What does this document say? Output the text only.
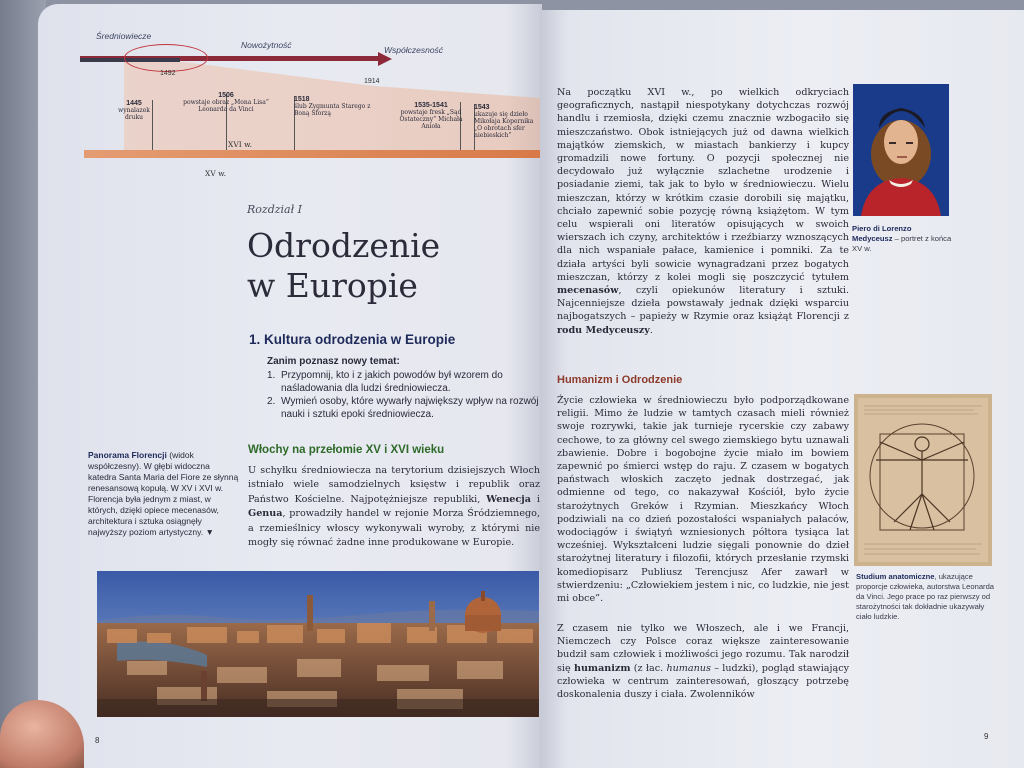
Średniowiecze
Nowożytność	Współczesność
1492
1914
1445
wynalazek druku
1506
powstaje obraz „Mona Lisa” Leonarda da Vinci
1518
ślub Zygmunta Starego z Boną Sforzą
1535-1541
powstaje fresk „Sąd Ostateczny” Michała Anioła
1543
ukazuje się dzieło Mikołaja Kopernika „O obrotach sfer niebieskich”
XVI w.
XV w.
Rozdział I
Odrodzenie
w Europie
1. Kultura odrodzenia w Europie
Zanim poznasz nowy temat:
1. Przypomnij, kto i z jakich powodów był wzorem do naśladowania dla ludzi średniowiecza.
2. Wymień osoby, które wywarły największy wpływ na rozwój nauki i sztuki epoki średniowiecza.
Włochy na przełomie XV i XVI wieku
Panorama Florencji (widok współczesny). W głębi widoczna katedra Santa Maria del Fiore ze słynną renesansową kopułą. W XV i XVI w. Florencja była jednym z miast, w których, dzięki opiece mecenasów, architektura i sztuka osiągnęły najwyższy poziom artystyczny. ▼
U schyłku średniowiecza na terytorium dzisiejszych Włoch istniało wiele samodzielnych księstw i republik oraz Państwo Kościelne. Najpotężniejsze republiki, Wenecja i Genua, prowadziły handel w rejonie Morza Śródziemnego, a rzemieślnicy włoscy wykonywali wyroby, z którymi nie mogły się równać żadne inne produkowane w Europie.
8
Na początku XVI w., po wielkich odkryciach geograficznych, nastąpił niespotykany dotychczas rozwój handlu i rzemiosła, dzięki czemu znacznie wzbogaciło się mieszczaństwo. Obok istniejących już od dawna wielkich majątków ziemskich, w miastach bankierzy i kupcy gromadzili nowe fortuny. O pozycji społecznej nie decydowało już wyłącznie szlachetne urodzenie i posiadanie ziemi, tak jak to było w średniowieczu. Wielu mieszczan, którzy w krótkim czasie dorobili się majątku, chciało zapewnić sobie pozycję równą książętom. W tym celu wspierali oni literatów opisujących w swoich wierszach ich czyny, architektów i rzeźbiarzy wznoszących dla nich wspaniałe pałace, kamienice i pomniki. Za te działa artyści byli sowicie wynagradzani przez bogatych mieszczan, którzy z kolei mogli się poszczycić tytułem mecenasów, czyli opiekunów literatury i sztuki. Najcenniejsze dzieła powstawały jednak dzięki wsparciu najbogatszych – papieży w Rzymie oraz książąt Florencji z rodu Medyceuszy.
Piero di Lorenzo Medyceusz – portret z końca XV w.
Humanizm i Odrodzenie
Życie człowieka w średniowieczu było podporządkowane religii. Mimo że ludzie w tamtych czasach mieli również swoje rozrywki, takie jak turnieje rycerskie czy zabawy cechowe, to za główny cel swego ziemskiego bytu uznawali zbawienie. Dobre i bogobojne życie miało im bowiem zapewnić po śmierci wstęp do raju. Z czasem w bogatych państwach włoskich zaczęto jednak dostrzegać, jak odmienne od tego, co nakazywał Kościół, było życie starożytnych Greków i Rzymian. Mieszkańcy Włoch podziwiali na co dzień pozostałości wspaniałych pałaców, wodociągów i świątyń wzniesionych półtora tysiąca lat wcześniej. Wykształceni ludzie sięgali ponownie do dzieł starożytnej literatury i filozofii, których przesłanie rzymski komediopisarz Publiusz Terencjusz Afer zawarł w stwierdzeniu: „Człowiekiem jestem i nic, co ludzkie, nie jest mi obce”.
Z czasem nie tylko we Włoszech, ale i we Francji, Niemczech czy Polsce coraz większe zainteresowanie budził sam człowiek i możliwości jego rozumu. Tak narodził się humanizm (z łac. humanus – ludzki), pogląd stawiający człowieka w centrum zainteresowań, głoszący potrzebę doskonalenia duszy i ciała. Zwolenników
Studium anatomiczne, ukazujące proporcje człowieka, autorstwa Leonarda da Vinci. Jego prace po raz pierwszy od starożytności tak dokładnie ukazywały ciało ludzkie.
9
